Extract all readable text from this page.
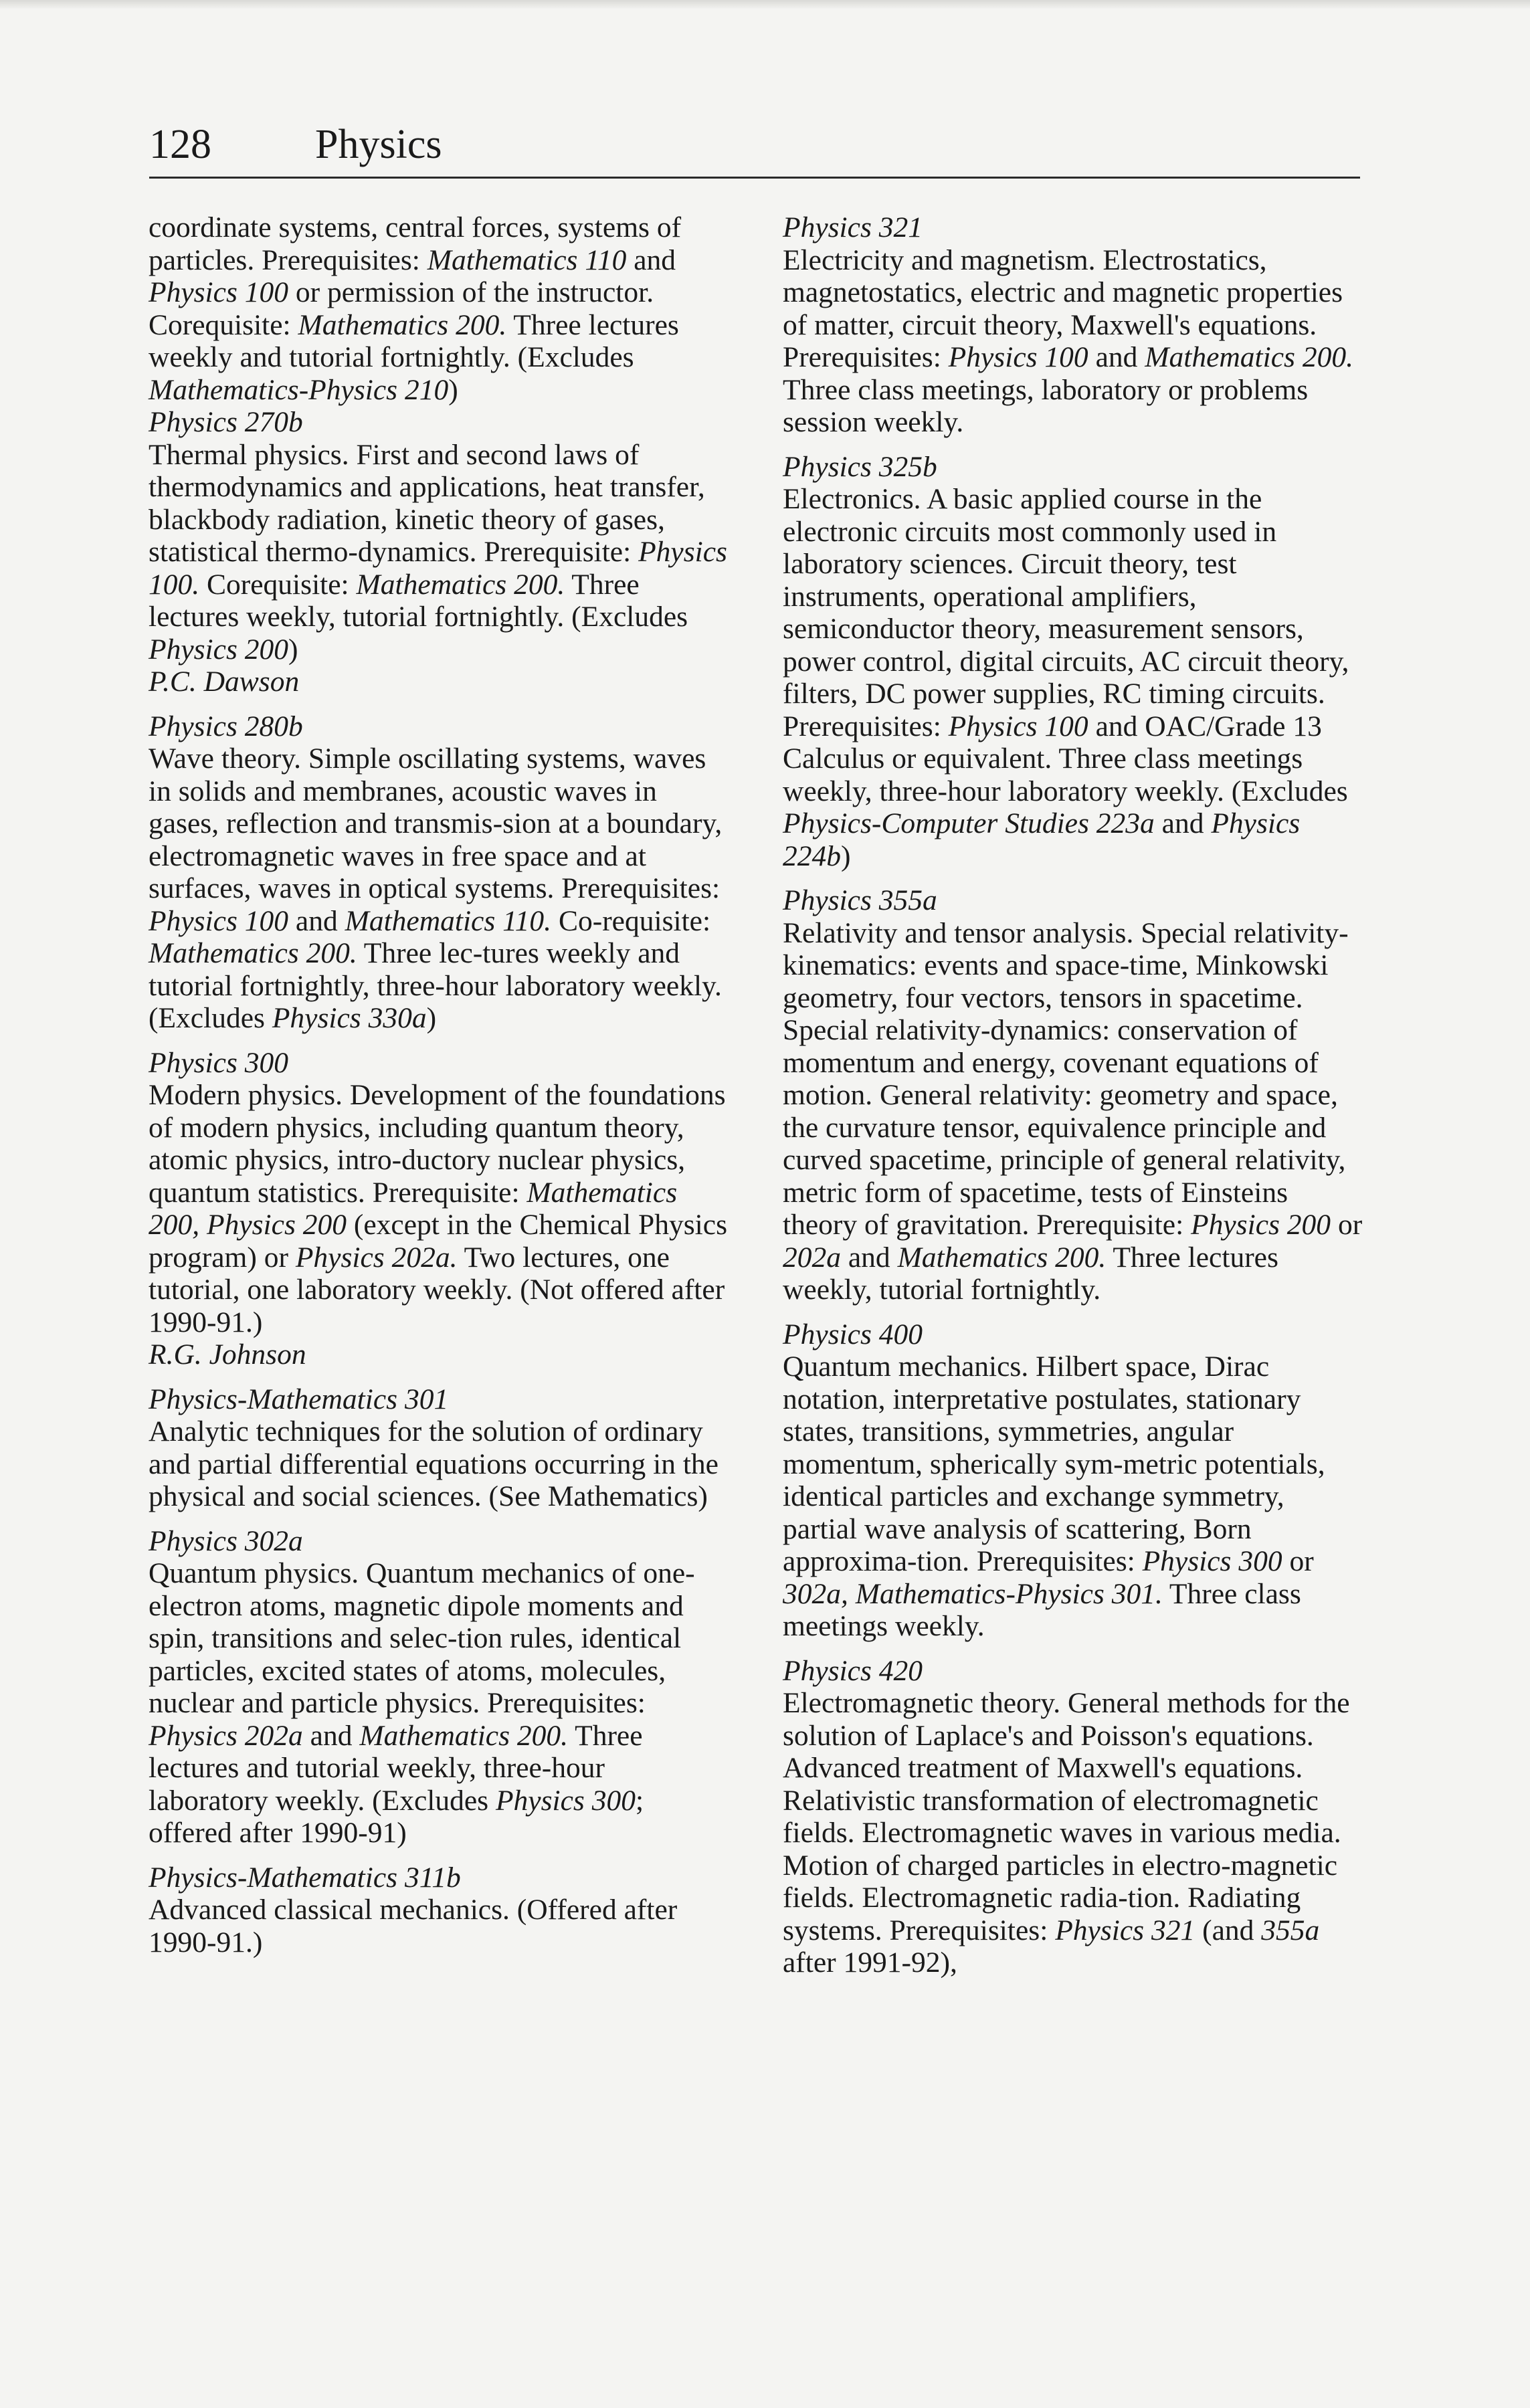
128	Physics

coordinate systems, central forces, systems of particles. Prerequisites: Mathematics 110 and Physics 100 or permission of the instructor. Corequisite: Mathematics 200. Three lectures weekly and tutorial fortnightly. (Excludes Mathematics-Physics 210)

Physics 270b

Thermal physics. First and second laws of thermodynamics and applications, heat transfer, blackbody radiation, kinetic theory of gases, statistical thermo-dynamics. Prerequisite: Physics 100. Corequisite: Mathematics 200. Three lectures weekly, tutorial fortnightly. (Excludes Physics 200)

P.C. Dawson

Physics 280b

Wave theory. Simple oscillating systems, waves in solids and membranes, acoustic waves in gases, reflection and transmis-sion at a boundary, electromagnetic waves in free space and at surfaces, waves in optical systems. Prerequisites: Physics 100 and Mathematics 110. Co-requisite: Mathematics 200. Three lec-tures weekly and tutorial fortnightly, three-hour laboratory weekly. (Excludes Physics 330a)

Physics 300

Modern physics. Development of the foundations of modern physics, including quantum theory, atomic physics, intro-ductory nuclear physics, quantum statistics. Prerequisite: Mathematics 200, Physics 200 (except in the Chemical Physics program) or Physics 202a. Two lectures, one tutorial, one laboratory weekly. (Not offered after 1990-91.)

R.G. Johnson

Physics-Mathematics 301

Analytic techniques for the solution of ordinary and partial differential equations occurring in the physical and social sciences. (See Mathematics)

Physics 302a

Quantum physics. Quantum mechanics of one-electron atoms, magnetic dipole moments and spin, transitions and selec-tion rules, identical particles, excited states of atoms, molecules, nuclear and particle physics. Prerequisites: Physics 202a and Mathematics 200. Three lectures and tutorial weekly, three-hour laboratory weekly. (Excludes Physics 300; offered after 1990-91)

Physics-Mathematics 311b

Advanced classical mechanics. (Offered after 1990-91.)

Physics 321

Electricity and magnetism. Electrostatics, magnetostatics, electric and magnetic properties of matter, circuit theory, Maxwell's equations. Prerequisites: Physics 100 and Mathematics 200. Three class meetings, laboratory or problems session weekly.

Physics 325b

Electronics. A basic applied course in the electronic circuits most commonly used in laboratory sciences. Circuit theory, test instruments, operational amplifiers, semiconductor theory, measurement sensors, power control, digital circuits, AC circuit theory, filters, DC power supplies, RC timing circuits. Prerequisites: Physics 100 and OAC/Grade 13 Calculus or equivalent. Three class meetings weekly, three-hour laboratory weekly. (Excludes Physics-Computer Studies 223a and Physics 224b)

Physics 355a

Relativity and tensor analysis. Special relativity-kinematics: events and space-time, Minkowski geometry, four vectors, tensors in spacetime. Special relativity-dynamics: conservation of momentum and energy, covenant equations of motion. General relativity: geometry and space, the curvature tensor, equivalence principle and curved spacetime, principle of general relativity, metric form of spacetime, tests of Einsteins theory of gravitation. Prerequisite: Physics 200 or 202a and Mathematics 200. Three lectures weekly, tutorial fortnightly.

Physics 400

Quantum mechanics. Hilbert space, Dirac notation, interpretative postulates, stationary states, transitions, symmetries, angular momentum, spherically sym-metric potentials, identical particles and exchange symmetry, partial wave analysis of scattering, Born approxima-tion. Prerequisites: Physics 300 or 302a, Mathematics-Physics 301. Three class meetings weekly.

Physics 420

Electromagnetic theory. General methods for the solution of Laplace's and Poisson's equations. Advanced treatment of Maxwell's equations. Relativistic transformation of electromagnetic fields. Electromagnetic waves in various media. Motion of charged particles in electro-magnetic fields. Electromagnetic radia-tion. Radiating systems. Prerequisites: Physics 321 (and 355a after 1991-92),
